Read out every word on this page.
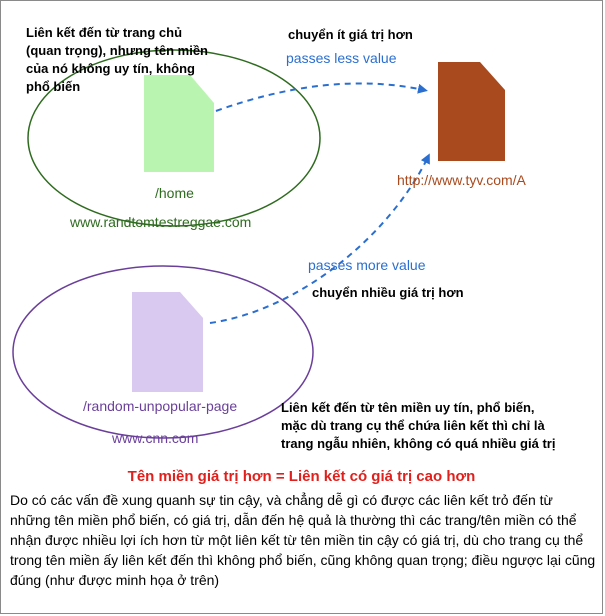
Liên kết đến từ trang chủ (quan trọng), nhưng tên miền của nó không uy tín, không phổ biến
chuyển ít giá trị hơn
passes less value
/home
www.randtomtestreggae.com
http://www.tyv.com/A
passes more value
chuyển nhiều giá trị hơn
/random-unpopular-page
www.cnn.com
Liên kết đến từ tên miền uy tín, phổ biến, mặc dù trang cụ thể chứa liên kết thì chỉ là trang ngẫu nhiên, không có quá nhiều giá trị
Tên miền giá trị hơn = Liên kết có giá trị cao hơn
Do có các vấn đề xung quanh sự tin cậy, và chẳng dễ gì có được các liên kết trỏ đến từ những tên miền phổ biến, có giá trị, dẫn đến hệ quả là thường thì các trang/tên miền có thể nhận được nhiều lợi ích hơn từ một liên kết từ tên miền tin cậy có giá trị, dù cho trang cụ thể trong tên miền ấy liên kết đến thì không phổ biến, cũng không quan trọng; điều ngược lại cũng đúng (như được minh họa ở trên)
